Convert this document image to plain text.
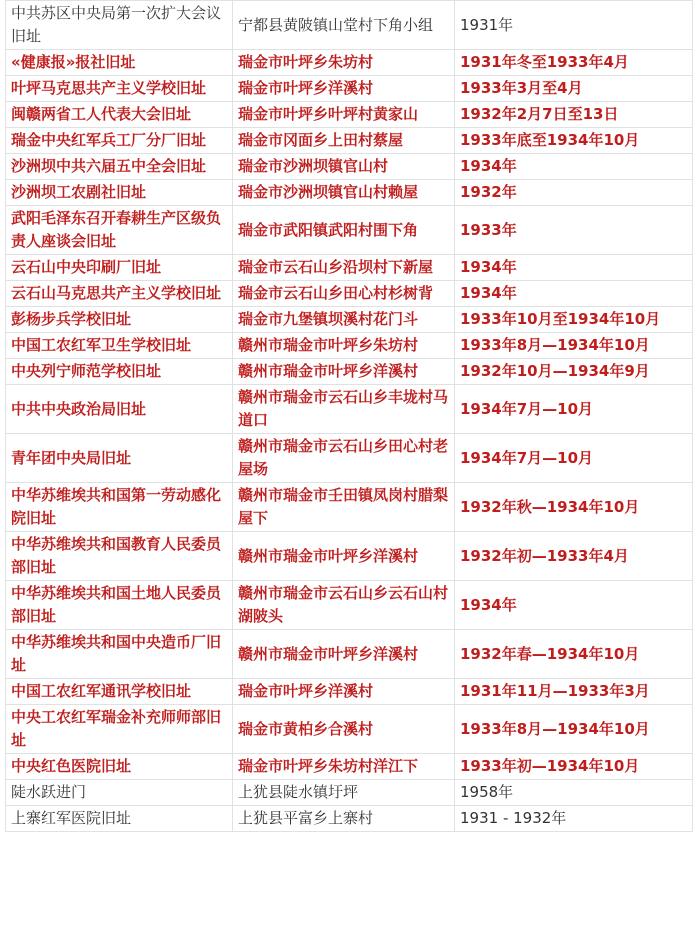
中共苏区中央局第一次扩大会议旧址	宁都县黄陂镇山堂村下角小组	1931年
«健康报»报社旧址	瑞金市叶坪乡朱坊村	1931年冬至1933年4月
叶坪马克思共产主义学校旧址	瑞金市叶坪乡洋溪村	1933年3月至4月
闽赣两省工人代表大会旧址	瑞金市叶坪乡叶坪村黄家山	1932年2月7日至13日
瑞金中央红军兵工厂分厂旧址	瑞金市冈面乡上田村蔡屋	1933年底至1934年10月
沙洲坝中共六届五中全会旧址	瑞金市沙洲坝镇官山村	1934年
沙洲坝工农剧社旧址	瑞金市沙洲坝镇官山村赖屋	1932年
武阳毛泽东召开春耕生产区级负责人座谈会旧址	瑞金市武阳镇武阳村围下角	1933年
云石山中央印刷厂旧址	瑞金市云石山乡沿坝村下新屋	1934年
云石山马克思共产主义学校旧址	瑞金市云石山乡田心村杉树背	1934年
彭杨步兵学校旧址	瑞金市九堡镇坝溪村花门斗	1933年10月至1934年10月
中国工农红军卫生学校旧址	赣州市瑞金市叶坪乡朱坊村	1933年8月—1934年10月
中央列宁师范学校旧址	赣州市瑞金市叶坪乡洋溪村	1932年10月—1934年9月
中共中央政治局旧址	赣州市瑞金市云石山乡丰垅村马道口	1934年7月—10月
青年团中央局旧址	赣州市瑞金市云石山乡田心村老屋场	1934年7月—10月
中华苏维埃共和国第一劳动感化院旧址	赣州市瑞金市壬田镇凤岗村腊梨屋下	1932年秋—1934年10月
中华苏维埃共和国教育人民委员部旧址	赣州市瑞金市叶坪乡洋溪村	1932年初—1933年4月
中华苏维埃共和国土地人民委员部旧址	赣州市瑞金市云石山乡云石山村湖陂头	1934年
中华苏维埃共和国中央造币厂旧址	赣州市瑞金市叶坪乡洋溪村	1932年春—1934年10月
中国工农红军通讯学校旧址	瑞金市叶坪乡洋溪村	1931年11月—1933年3月
中央工农红军瑞金补充师师部旧址	瑞金市黄柏乡合溪村	1933年8月—1934年10月
中央红色医院旧址	瑞金市叶坪乡朱坊村洋江下	1933年初—1934年10月
陡水跃进门	上犹县陡水镇圩坪	1958年
上寨红军医院旧址	上犹县平富乡上寨村	1931 - 1932年
